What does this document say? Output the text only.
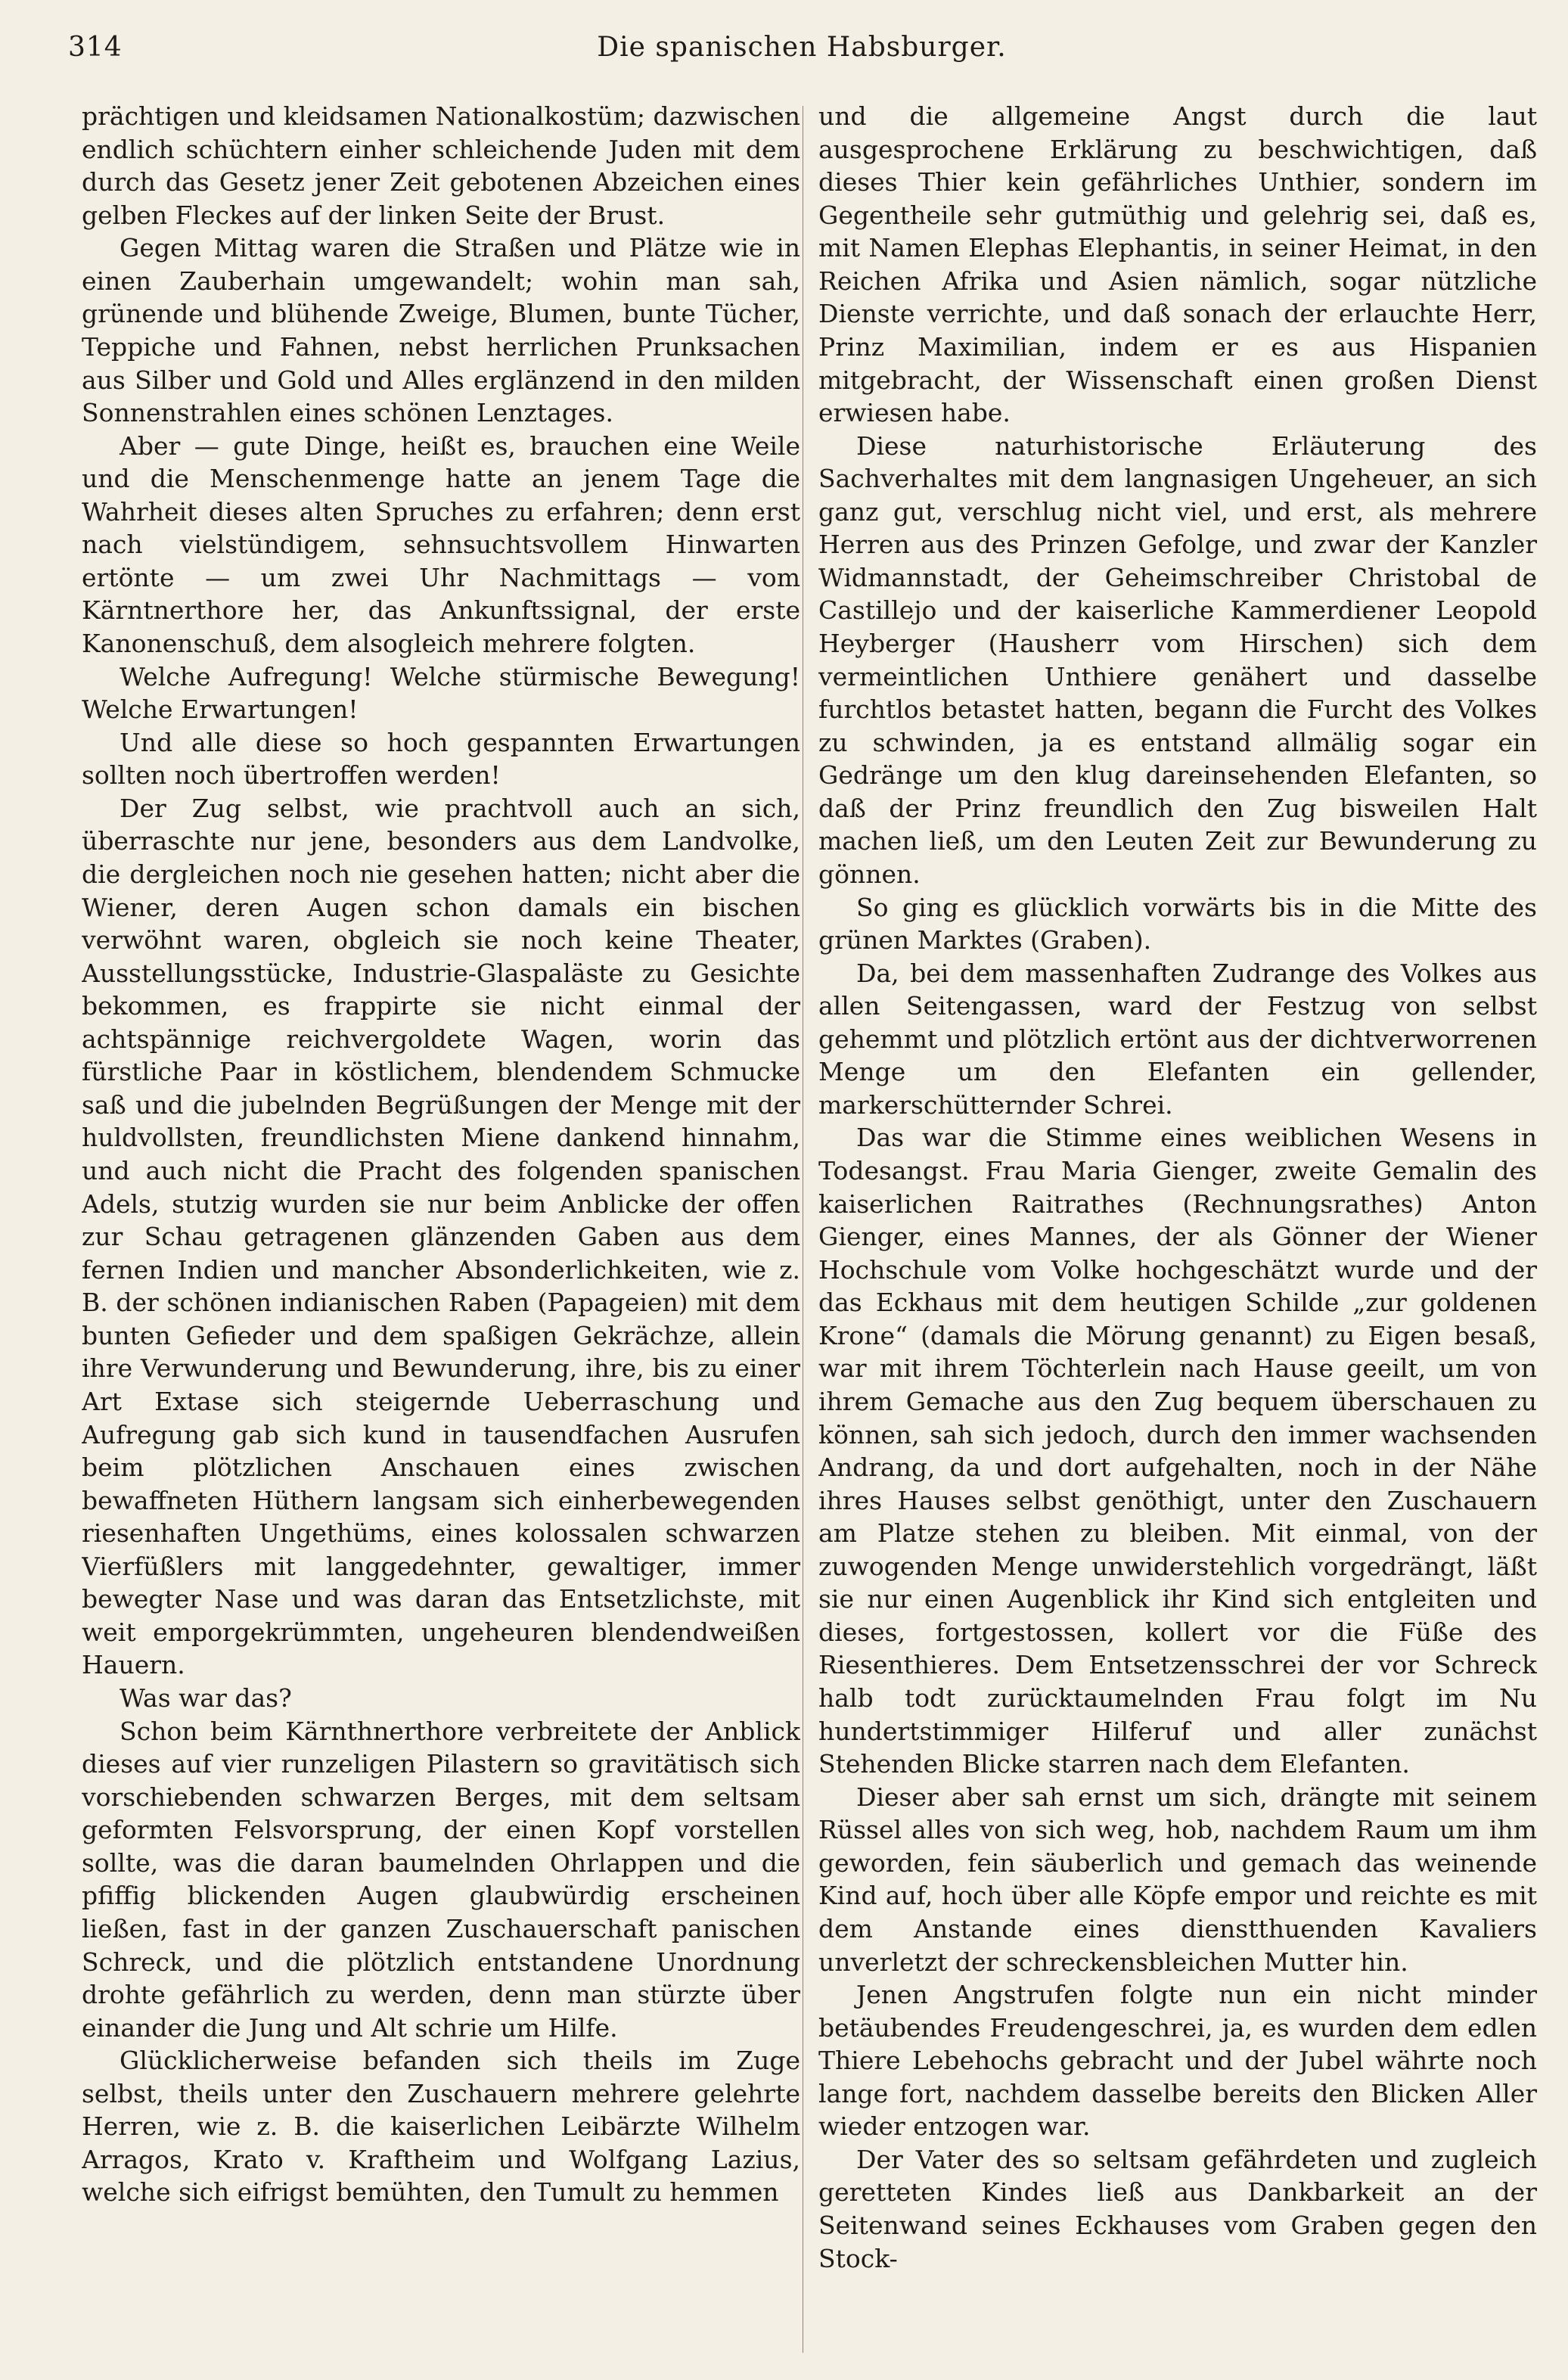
314	Die spanischen Habsburger.

prächtigen und kleidsamen Nationalkostüm; dazwischen endlich schüchtern einher schleichende Juden mit dem durch das Gesetz jener Zeit gebotenen Abzeichen eines gelben Fleckes auf der linken Seite der Brust.

Gegen Mittag waren die Straßen und Plätze wie in einen Zauberhain umgewandelt; wohin man sah, grünende und blühende Zweige, Blumen, bunte Tücher, Teppiche und Fahnen, nebst herrlichen Prunksachen aus Silber und Gold und Alles erglänzend in den milden Sonnenstrahlen eines schönen Lenztages.

Aber — gute Dinge, heißt es, brauchen eine Weile und die Menschenmenge hatte an jenem Tage die Wahrheit dieses alten Spruches zu erfahren; denn erst nach vielstündigem, sehnsuchtsvollem Hinwarten ertönte — um zwei Uhr Nachmittags — vom Kärntnerthore her, das Ankunftssignal, der erste Kanonenschuß, dem alsogleich mehrere folgten.

Welche Aufregung! Welche stürmische Bewegung! Welche Erwartungen!

Und alle diese so hoch gespannten Erwartungen sollten noch übertroffen werden!

Der Zug selbst, wie prachtvoll auch an sich, überraschte nur jene, besonders aus dem Landvolke, die dergleichen noch nie gesehen hatten; nicht aber die Wiener, deren Augen schon damals ein bischen verwöhnt waren, obgleich sie noch keine Theater, Ausstellungsstücke, Industrie-Glaspaläste zu Gesichte bekommen, es frappirte sie nicht einmal der achtspännige reichvergoldete Wagen, worin das fürstliche Paar in köstlichem, blendendem Schmucke saß und die jubelnden Begrüßungen der Menge mit der huldvollsten, freundlichsten Miene dankend hinnahm, und auch nicht die Pracht des folgenden spanischen Adels, stutzig wurden sie nur beim Anblicke der offen zur Schau getragenen glänzenden Gaben aus dem fernen Indien und mancher Absonderlichkeiten, wie z. B. der schönen indianischen Raben (Papageien) mit dem bunten Gefieder und dem spaßigen Gekrächze, allein ihre Verwunderung und Bewunderung, ihre, bis zu einer Art Extase sich steigernde Ueberraschung und Aufregung gab sich kund in tausendfachen Ausrufen beim plötzlichen Anschauen eines zwischen bewaffneten Hüthern langsam sich einherbewegenden riesenhaften Ungethüms, eines kolossalen schwarzen Vierfüßlers mit langgedehnter, gewaltiger, immer bewegter Nase und was daran das Entsetzlichste, mit weit emporgekrümmten, ungeheuren blendendweißen Hauern.

Was war das?

Schon beim Kärnthnerthore verbreitete der Anblick dieses auf vier runzeligen Pilastern so gravitätisch sich vorschiebenden schwarzen Berges, mit dem seltsam geformten Felsvorsprung, der einen Kopf vorstellen sollte, was die daran baumelnden Ohrlappen und die pfiffig blickenden Augen glaubwürdig erscheinen ließen, fast in der ganzen Zuschauerschaft panischen Schreck, und die plötzlich entstandene Unordnung drohte gefährlich zu werden, denn man stürzte über einander die Jung und Alt schrie um Hilfe.

Glücklicherweise befanden sich theils im Zuge selbst, theils unter den Zuschauern mehrere gelehrte Herren, wie z. B. die kaiserlichen Leibärzte Wilhelm Arragos, Krato v. Kraftheim und Wolfgang Lazius, welche sich eifrigst bemühten, den Tumult zu hemmen

und die allgemeine Angst durch die laut ausgesprochene Erklärung zu beschwichtigen, daß dieses Thier kein gefährliches Unthier, sondern im Gegentheile sehr gutmüthig und gelehrig sei, daß es, mit Namen Elephas Elephantis, in seiner Heimat, in den Reichen Afrika und Asien nämlich, sogar nützliche Dienste verrichte, und daß sonach der erlauchte Herr, Prinz Maximilian, indem er es aus Hispanien mitgebracht, der Wissenschaft einen großen Dienst erwiesen habe.

Diese naturhistorische Erläuterung des Sachverhaltes mit dem langnasigen Ungeheuer, an sich ganz gut, verschlug nicht viel, und erst, als mehrere Herren aus des Prinzen Gefolge, und zwar der Kanzler Widmannstadt, der Geheimschreiber Christobal de Castillejo und der kaiserliche Kammerdiener Leopold Heyberger (Hausherr vom Hirschen) sich dem vermeintlichen Unthiere genähert und dasselbe furchtlos betastet hatten, begann die Furcht des Volkes zu schwinden, ja es entstand allmälig sogar ein Gedränge um den klug dareinsehenden Elefanten, so daß der Prinz freundlich den Zug bisweilen Halt machen ließ, um den Leuten Zeit zur Bewunderung zu gönnen.

So ging es glücklich vorwärts bis in die Mitte des grünen Marktes (Graben).

Da, bei dem massenhaften Zudrange des Volkes aus allen Seitengassen, ward der Festzug von selbst gehemmt und plötzlich ertönt aus der dichtverworrenen Menge um den Elefanten ein gellender, markerschütternder Schrei.

Das war die Stimme eines weiblichen Wesens in Todesangst. Frau Maria Gienger, zweite Gemalin des kaiserlichen Raitrathes (Rechnungsrathes) Anton Gienger, eines Mannes, der als Gönner der Wiener Hochschule vom Volke hochgeschätzt wurde und der das Eckhaus mit dem heutigen Schilde „zur goldenen Krone“ (damals die Mörung genannt) zu Eigen besaß, war mit ihrem Töchterlein nach Hause geeilt, um von ihrem Gemache aus den Zug bequem überschauen zu können, sah sich jedoch, durch den immer wachsenden Andrang, da und dort aufgehalten, noch in der Nähe ihres Hauses selbst genöthigt, unter den Zuschauern am Platze stehen zu bleiben. Mit einmal, von der zuwogenden Menge unwiderstehlich vorgedrängt, läßt sie nur einen Augenblick ihr Kind sich entgleiten und dieses, fortgestossen, kollert vor die Füße des Riesenthieres. Dem Entsetzensschrei der vor Schreck halb todt zurücktaumelnden Frau folgt im Nu hundertstimmiger Hilferuf und aller zunächst Stehenden Blicke starren nach dem Elefanten.

Dieser aber sah ernst um sich, drängte mit seinem Rüssel alles von sich weg, hob, nachdem Raum um ihm geworden, fein säuberlich und gemach das weinende Kind auf, hoch über alle Köpfe empor und reichte es mit dem Anstande eines dienstthuenden Kavaliers unverletzt der schreckensbleichen Mutter hin.

Jenen Angstrufen folgte nun ein nicht minder betäubendes Freudengeschrei, ja, es wurden dem edlen Thiere Lebehochs gebracht und der Jubel währte noch lange fort, nachdem dasselbe bereits den Blicken Aller wieder entzogen war.

Der Vater des so seltsam gefährdeten und zugleich geretteten Kindes ließ aus Dankbarkeit an der Seitenwand seines Eckhauses vom Graben gegen den Stock-
